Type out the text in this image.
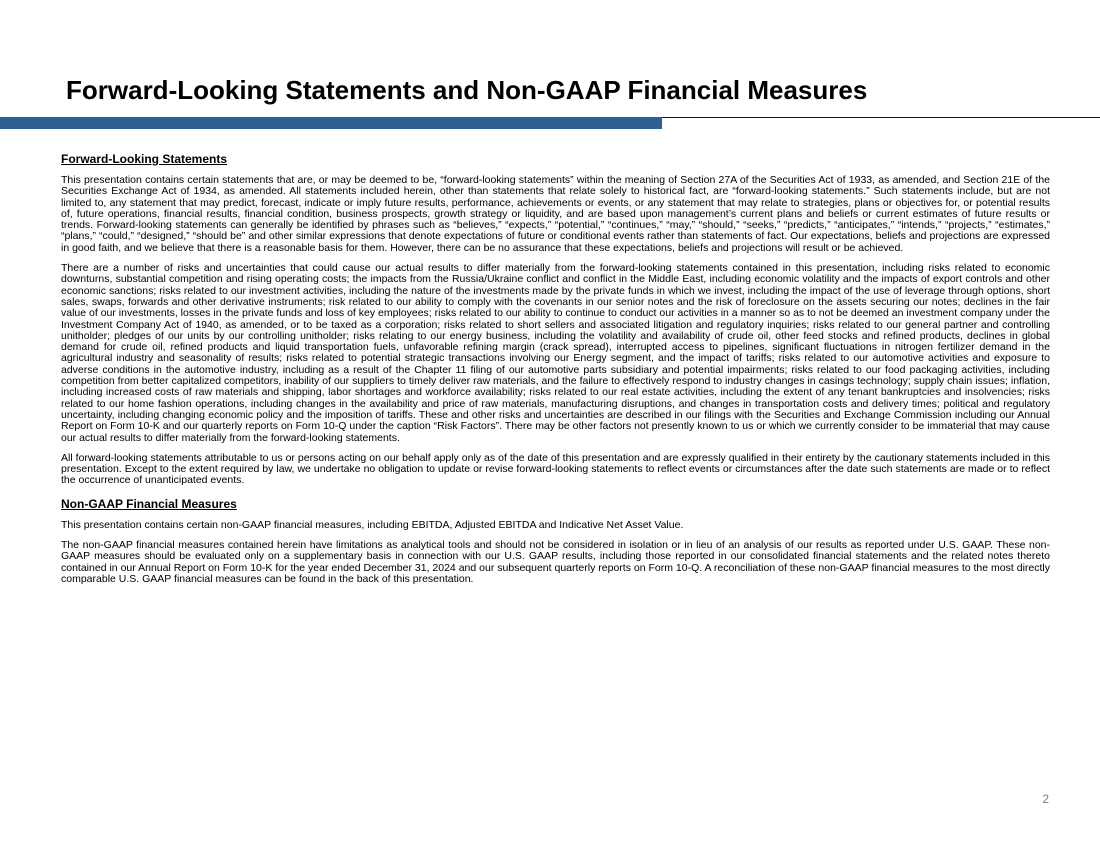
Forward-Looking Statements and Non-GAAP Financial Measures
Forward-Looking Statements

This presentation contains certain statements that are, or may be deemed to be, “forward-looking statements” within the meaning of Section 27A of the Securities Act of 1933, as amended, and Section 21E of the Securities Exchange Act of 1934, as amended. All statements included herein, other than statements that relate solely to historical fact, are “forward-looking statements.” Such statements include, but are not limited to, any statement that may predict, forecast, indicate or imply future results, performance, achievements or events, or any statement that may relate to strategies, plans or objectives for, or potential results of, future operations, financial results, financial condition, business prospects, growth strategy or liquidity, and are based upon management’s current plans and beliefs or current estimates of future results or trends. Forward-looking statements can generally be identified by phrases such as “believes,” “expects,” “potential,” “continues,” “may,” “should,” “seeks,” “predicts,” “anticipates,” “intends,” “projects,” “estimates,” “plans,” “could,” “designed,” “should be” and other similar expressions that denote expectations of future or conditional events rather than statements of fact. Our expectations, beliefs and projections are expressed in good faith, and we believe that there is a reasonable basis for them. However, there can be no assurance that these expectations, beliefs and projections will result or be achieved.

There are a number of risks and uncertainties that could cause our actual results to differ materially from the forward-looking statements contained in this presentation, including risks related to economic downturns, substantial competition and rising operating costs; the impacts from the Russia/Ukraine conflict and conflict in the Middle East, including economic volatility and the impacts of export controls and other economic sanctions; risks related to our investment activities, including the nature of the investments made by the private funds in which we invest, including the impact of the use of leverage through options, short sales, swaps, forwards and other derivative instruments; risk related to our ability to comply with the covenants in our senior notes and the risk of foreclosure on the assets securing our notes; declines in the fair value of our investments, losses in the private funds and loss of key employees; risks related to our ability to continue to conduct our activities in a manner so as to not be deemed an investment company under the Investment Company Act of 1940, as amended, or to be taxed as a corporation; risks related to short sellers and associated litigation and regulatory inquiries; risks related to our general partner and controlling unitholder; pledges of our units by our controlling unitholder; risks relating to our energy business, including the volatility and availability of crude oil, other feed stocks and refined products, declines in global demand for crude oil, refined products and liquid transportation fuels, unfavorable refining margin (crack spread), interrupted access to pipelines, significant fluctuations in nitrogen fertilizer demand in the agricultural industry and seasonality of results; risks related to potential strategic transactions involving our Energy segment, and the impact of tariffs; risks related to our automotive activities and exposure to adverse conditions in the automotive industry, including as a result of the Chapter 11 filing of our automotive parts subsidiary and potential impairments; risks related to our food packaging activities, including competition from better capitalized competitors, inability of our suppliers to timely deliver raw materials, and the failure to effectively respond to industry changes in casings technology; supply chain issues; inflation, including increased costs of raw materials and shipping, labor shortages and workforce availability; risks related to our real estate activities, including the extent of any tenant bankruptcies and insolvencies; risks related to our home fashion operations, including changes in the availability and price of raw materials, manufacturing disruptions, and changes in transportation costs and delivery times; political and regulatory uncertainty, including changing economic policy and the imposition of tariffs. These and other risks and uncertainties are described in our filings with the Securities and Exchange Commission including our Annual Report on Form 10-K and our quarterly reports on Form 10-Q under the caption “Risk Factors”. There may be other factors not presently known to us or which we currently consider to be immaterial that may cause our actual results to differ materially from the forward-looking statements.

All forward-looking statements attributable to us or persons acting on our behalf apply only as of the date of this presentation and are expressly qualified in their entirety by the cautionary statements included in this presentation. Except to the extent required by law, we undertake no obligation to update or revise forward-looking statements to reflect events or circumstances after the date such statements are made or to reflect the occurrence of unanticipated events.

Non-GAAP Financial Measures

This presentation contains certain non-GAAP financial measures, including EBITDA, Adjusted EBITDA and Indicative Net Asset Value.

The non-GAAP financial measures contained herein have limitations as analytical tools and should not be considered in isolation or in lieu of an analysis of our results as reported under U.S. GAAP. These non-GAAP measures should be evaluated only on a supplementary basis in connection with our U.S. GAAP results, including those reported in our consolidated financial statements and the related notes thereto contained in our Annual Report on Form 10-K for the year ended December 31, 2024 and our subsequent quarterly reports on Form 10-Q. A reconciliation of these non-GAAP financial measures to the most directly comparable U.S. GAAP financial measures can be found in the back of this presentation.

2
